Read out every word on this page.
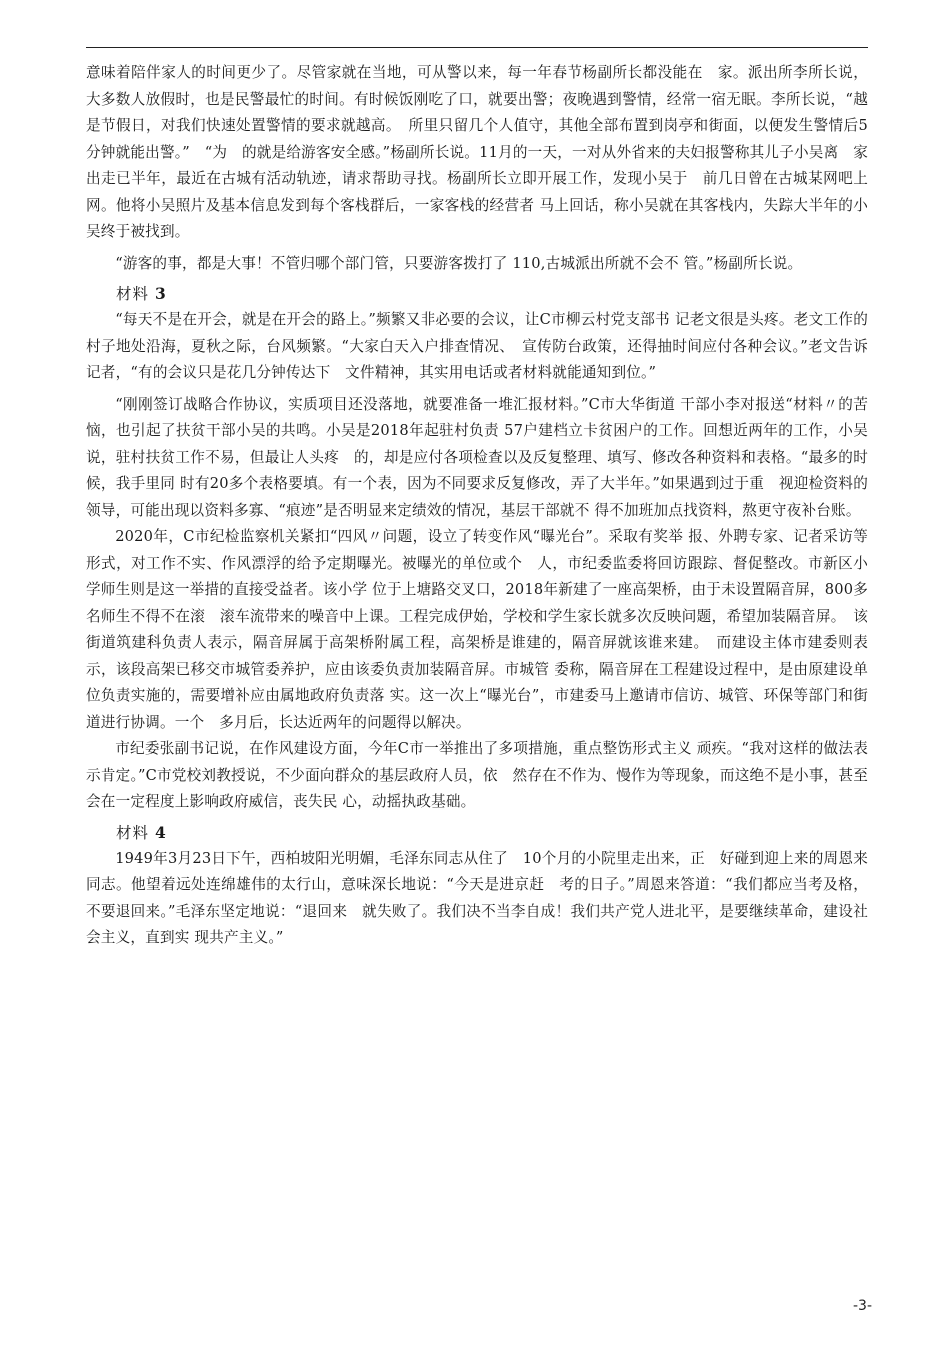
意味着陪伴家人的时间更少了。尽管家就在当地，可从警以来，每一年春节杨副所长都没能在　家。派出所李所长说，大多数人放假时，也是民警最忙的时间。有时候饭刚吃了口，就要出警；夜晚遇到警情，经常一宿无眠。李所长说，“越是节假日，对我们快速处置警情的要求就越高。　所里只留几个人值守，其他全部布置到岗亭和街面，以便发生警情后5分钟就能出警。”　“为　的就是给游客安全感。”杨副所长说。11月的一天，一对从外省来的夫妇报警称其儿子小吴离　家出走已半年，最近在古城有活动轨迹，请求帮助寻找。杨副所长立即开展工作，发现小吴于　前几日曾在古城某网吧上网。他将小吴照片及基本信息发到每个客栈群后，一家客栈的经营者 马上回话，称小吴就在其客栈内，失踪大半年的小吴终于被找到。

“游客的事，都是大事！不管归哪个部门管，只要游客拨打了 110,古城派出所就不会不 管。”杨副所长说。

材料 3

“每天不是在开会，就是在开会的路上。”频繁又非必要的会议，让C市柳云村党支部书 记老文很是头疼。老文工作的村子地处沿海，夏秋之际，台风频繁。“大家白天入户排查情况、　宣传防台政策，还得抽时间应付各种会议。”老文告诉记者，“有的会议只是花几分钟传达下　文件精神，其实用电话或者材料就能通知到位。”

“刚刚签订战略合作协议，实质项目还没落地，就要准备一堆汇报材料。”C市大华街道 干部小李对报送“材料〃的苦恼，也引起了扶贫干部小吴的共鸣。小吴是2018年起驻村负责 57户建档立卡贫困户的工作。回想近两年的工作，小吴说，驻村扶贫工作不易，但最让人头疼　的，却是应付各项检查以及反复整理、填写、修改各种资料和表格。“最多的时候，我手里同 时有20多个表格要填。有一个表，因为不同要求反复修改，弄了大半年。”如果遇到过于重　视迎检资料的领导，可能出现以资料多寡、“痕迹”是否明显来定绩效的情况，基层干部就不 得不加班加点找资料，熬更守夜补台账。

2020年，C市纪检监察机关紧扣“四风〃问题，设立了转变作风“曝光台”。采取有奖举 报、外聘专家、记者采访等形式，对工作不实、作风漂浮的给予定期曝光。被曝光的单位或个　人，市纪委监委将回访跟踪、督促整改。市新区小学师生则是这一举措的直接受益者。该小学 位于上塘路交叉口，2018年新建了一座高架桥，由于未设置隔音屏，800多名师生不得不在滚　滚车流带来的噪音中上课。工程完成伊始，学校和学生家长就多次反映问题，希望加装隔音屏。　该街道筑建科负责人表示，隔音屏属于高架桥附属工程，高架桥是谁建的，隔音屏就该谁来建。　而建设主体市建委则表示，该段高架已移交市城管委养护，应由该委负责加装隔音屏。市城管 委称，隔音屏在工程建设过程中，是由原建设单位负责实施的，需要增补应由属地政府负责落 实。这一次上“曝光台”，市建委马上邀请市信访、城管、环保等部门和街道进行协调。一个　多月后，长达近两年的问题得以解决。

市纪委张副书记说，在作风建设方面，今年C市一举推出了多项措施，重点整饬形式主义 顽疾。“我对这样的做法表示肯定。”C市党校刘教授说，不少面向群众的基层政府人员，依　然存在不作为、慢作为等现象，而这绝不是小事，甚至会在一定程度上影响政府威信，丧失民 心，动摇执政基础。

材料 4

1949年3月23日下午，西柏坡阳光明媚，毛泽东同志从住了　10个月的小院里走出来，正　好碰到迎上来的周恩来同志。他望着远处连绵雄伟的太行山，意味深长地说：“今天是进京赶　考的日子。”周恩来答道：“我们都应当考及格，不要退回来。”毛泽东坚定地说：“退回来　就失败了。我们决不当李自成！我们共产党人进北平，是要继续革命，建设社会主义，直到实 现共产主义。”

-3-
